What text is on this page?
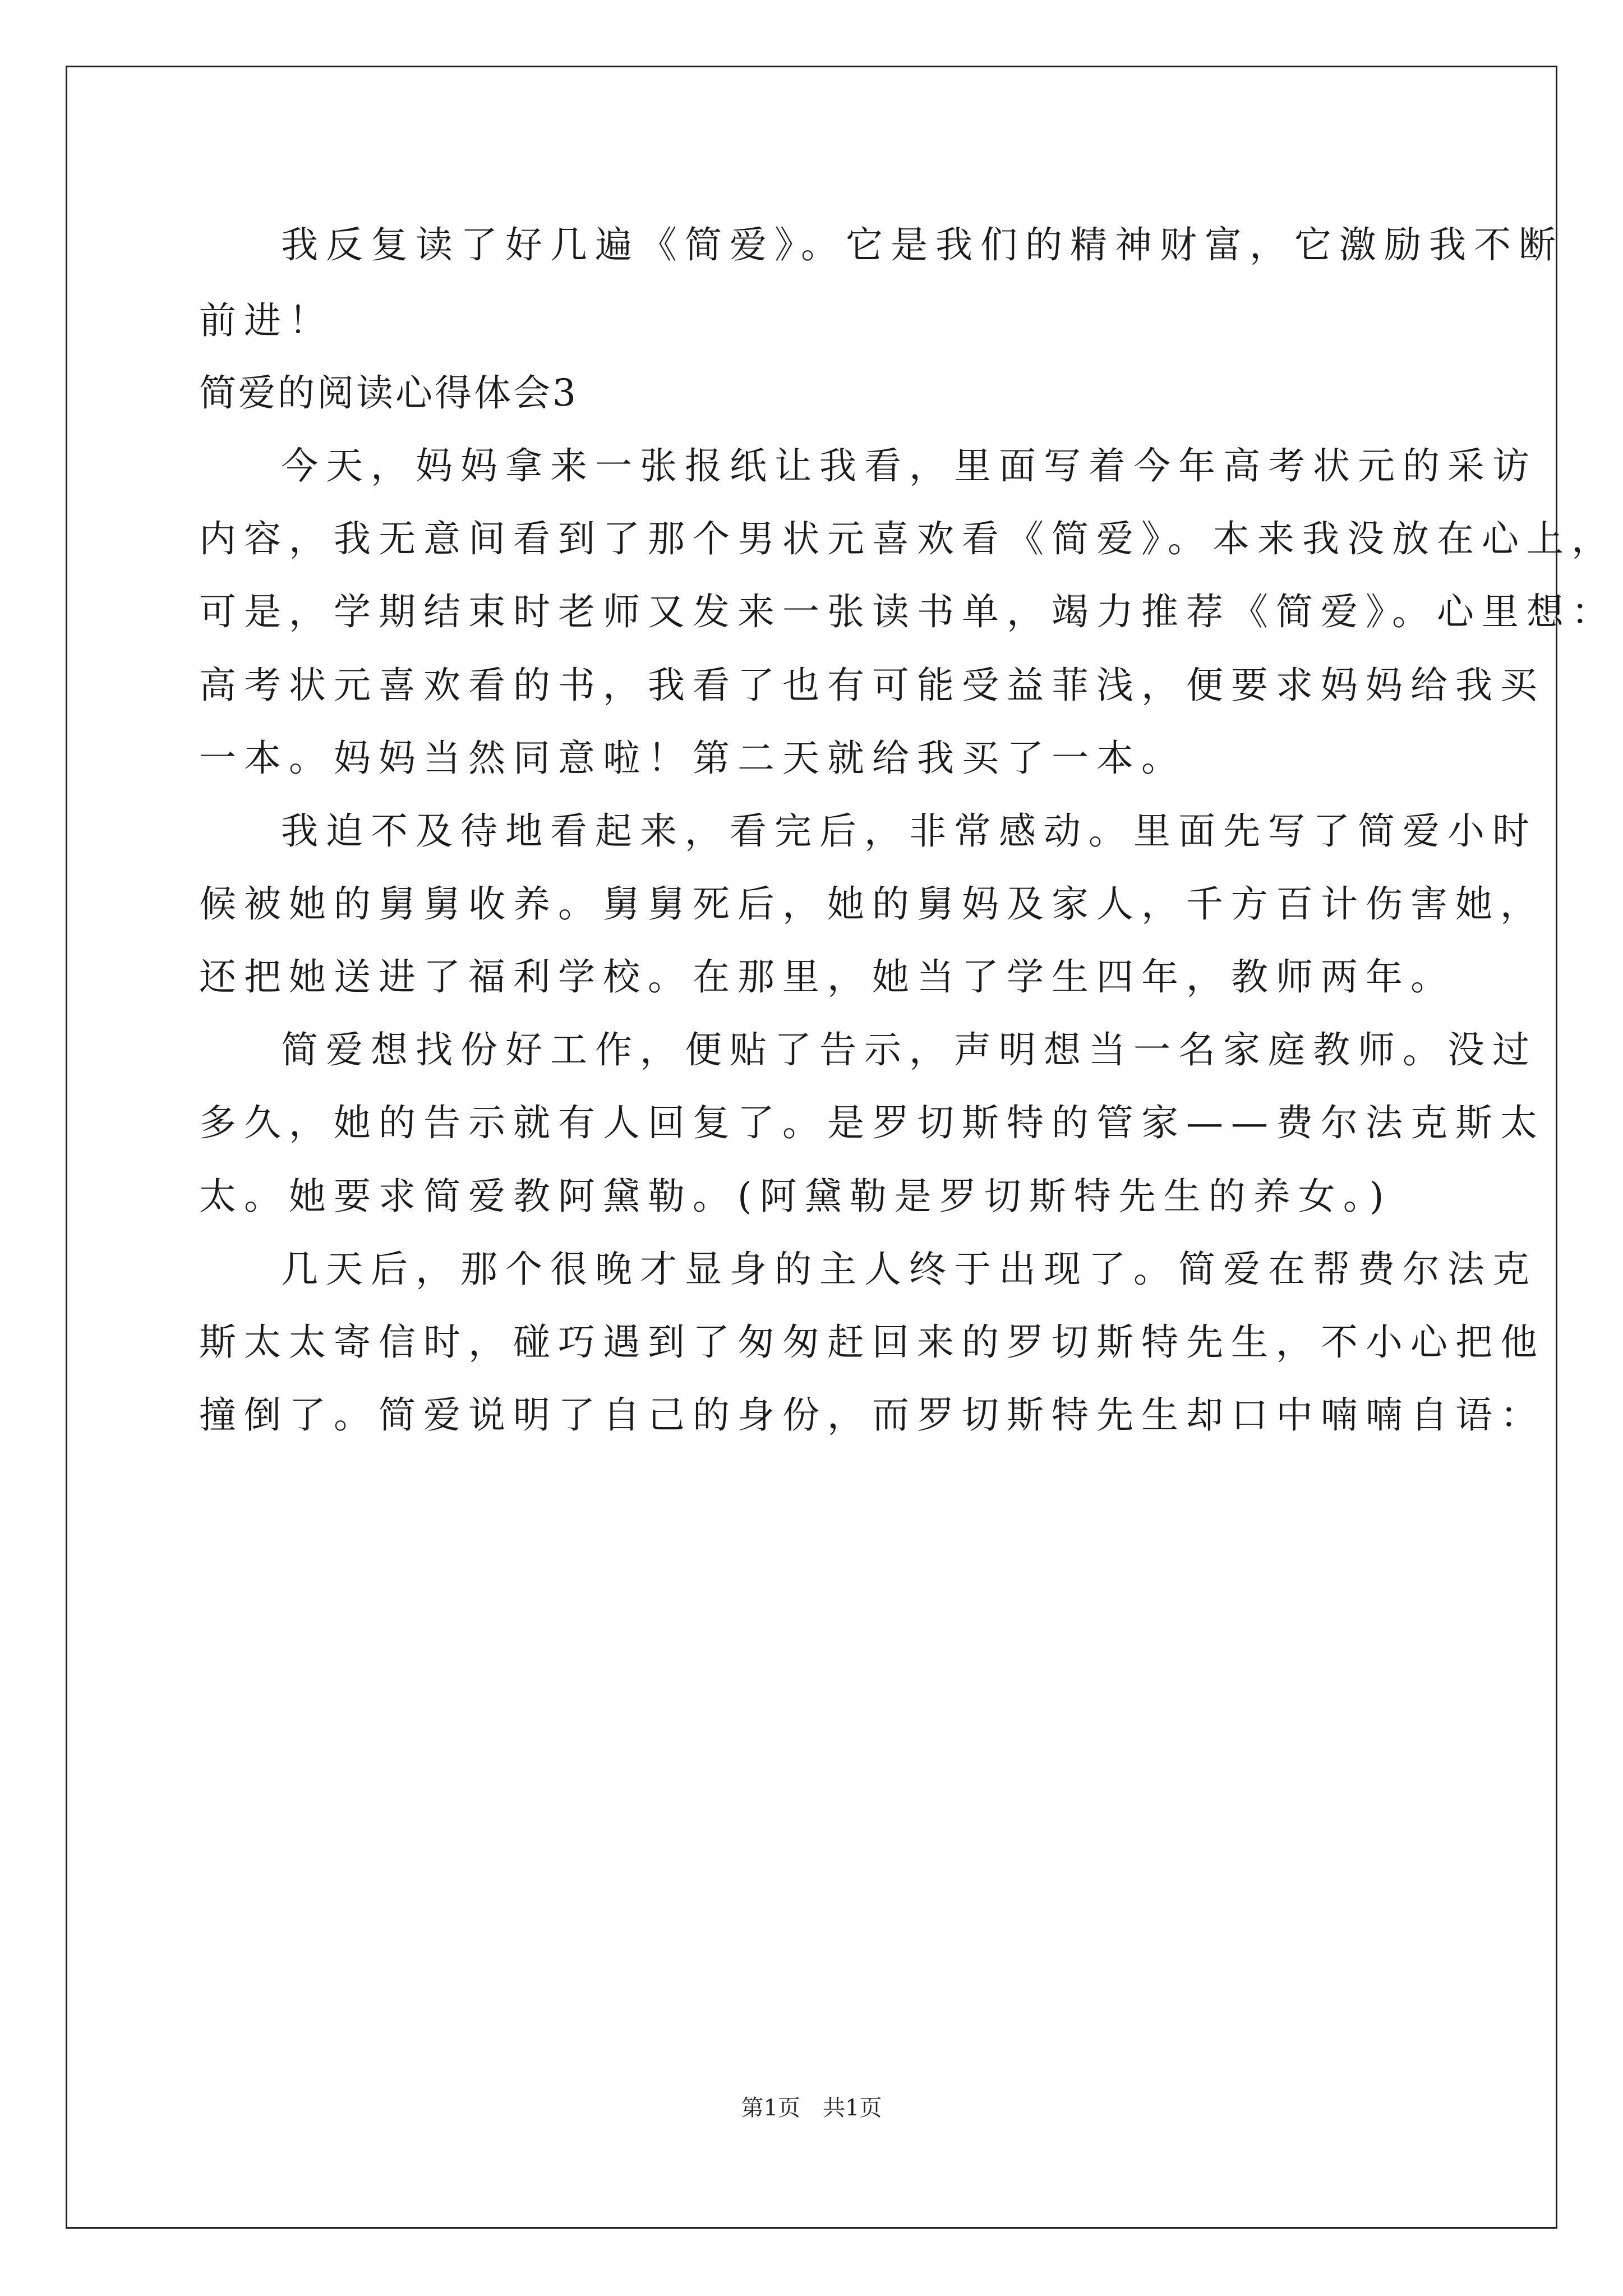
我反复读了好几遍《简爱》。它是我们的精神财富，它激励我不断
前进！
简爱的阅读心得体会3
今天，妈妈拿来一张报纸让我看，里面写着今年高考状元的采访
内容，我无意间看到了那个男状元喜欢看《简爱》。本来我没放在心上，
可是，学期结束时老师又发来一张读书单，竭力推荐《简爱》。心里想：
高考状元喜欢看的书，我看了也有可能受益菲浅，便要求妈妈给我买
一本。妈妈当然同意啦！第二天就给我买了一本。
我迫不及待地看起来，看完后，非常感动。里面先写了简爱小时
候被她的舅舅收养。舅舅死后，她的舅妈及家人，千方百计伤害她，
还把她送进了福利学校。在那里，她当了学生四年，教师两年。
简爱想找份好工作，便贴了告示，声明想当一名家庭教师。没过
多久，她的告示就有人回复了。是罗切斯特的管家——费尔法克斯太
太。她要求简爱教阿黛勒。(阿黛勒是罗切斯特先生的养女。)
几天后，那个很晚才显身的主人终于出现了。简爱在帮费尔法克
斯太太寄信时，碰巧遇到了匆匆赶回来的罗切斯特先生，不小心把他
撞倒了。简爱说明了自己的身份，而罗切斯特先生却口中喃喃自语：
第1页 共1页
